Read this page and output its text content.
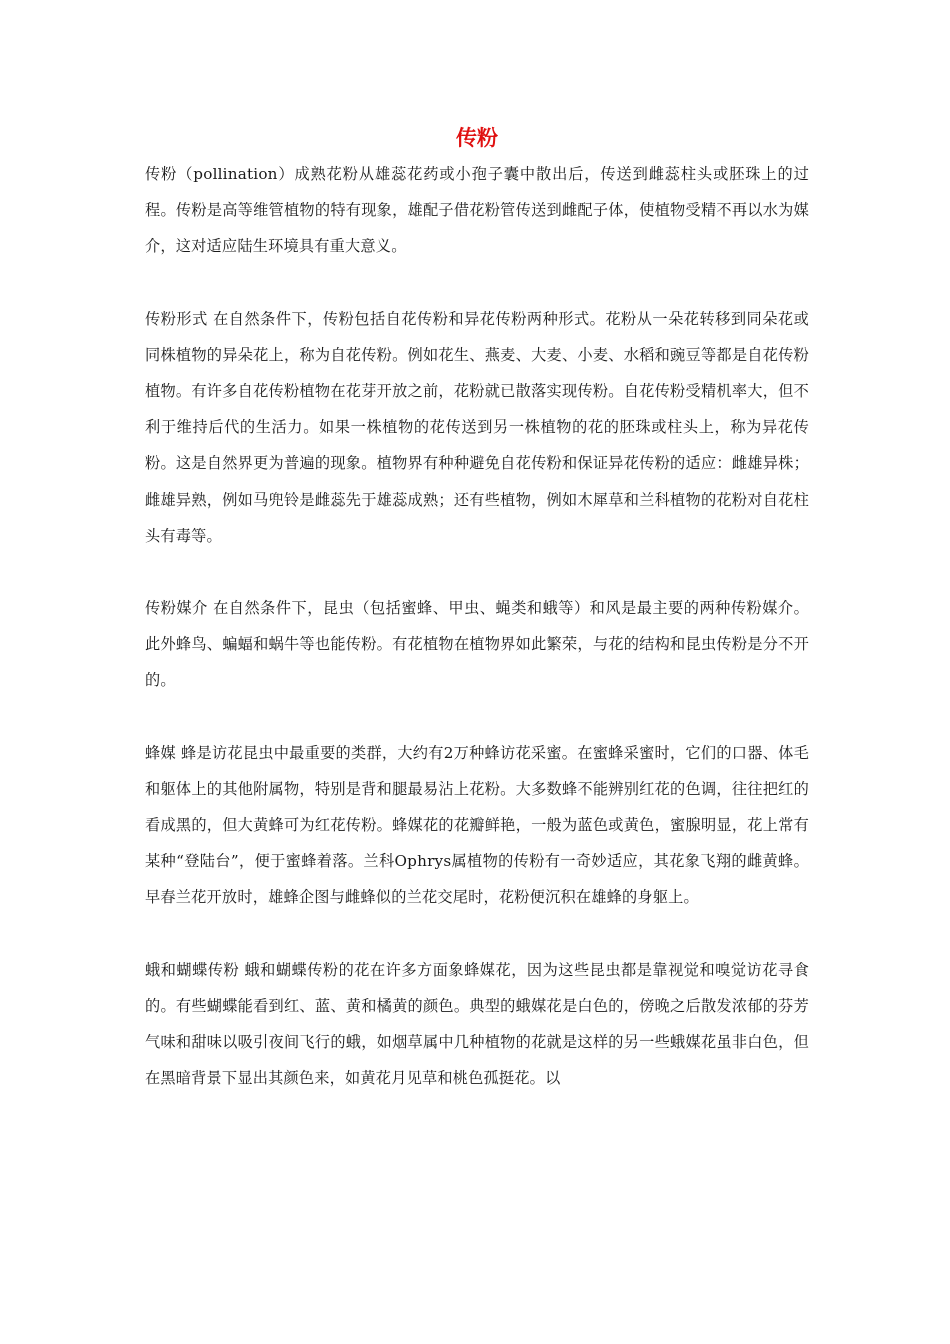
传粉

传粉（pollination）成熟花粉从雄蕊花药或小孢子囊中散出后，传送到雌蕊柱头或胚珠上的过程。传粉是高等维管植物的特有现象，雄配子借花粉管传送到雌配子体，使植物受精不再以水为媒介，这对适应陆生环境具有重大意义。

传粉形式 在自然条件下，传粉包括自花传粉和异花传粉两种形式。花粉从一朵花转移到同朵花或同株植物的异朵花上，称为自花传粉。例如花生、燕麦、大麦、小麦、水稻和豌豆等都是自花传粉植物。有许多自花传粉植物在花芽开放之前，花粉就已散落实现传粉。自花传粉受精机率大，但不利于维持后代的生活力。如果一株植物的花传送到另一株植物的花的胚珠或柱头上，称为异花传粉。这是自然界更为普遍的现象。植物界有种种避免自花传粉和保证异花传粉的适应：雌雄异株；雌雄异熟，例如马兜铃是雌蕊先于雄蕊成熟；还有些植物，例如木犀草和兰科植物的花粉对自花柱头有毒等。

传粉媒介 在自然条件下，昆虫（包括蜜蜂、甲虫、蝇类和蛾等）和风是最主要的两种传粉媒介。此外蜂鸟、蝙蝠和蜗牛等也能传粉。有花植物在植物界如此繁荣，与花的结构和昆虫传粉是分不开的。

蜂媒 蜂是访花昆虫中最重要的类群，大约有2万种蜂访花采蜜。在蜜蜂采蜜时，它们的口器、体毛和躯体上的其他附属物，特别是背和腿最易沾上花粉。大多数蜂不能辨别红花的色调，往往把红的看成黑的，但大黄蜂可为红花传粉。蜂媒花的花瓣鲜艳，一般为蓝色或黄色，蜜腺明显，花上常有某种“登陆台”，便于蜜蜂着落。兰科Ophrys属植物的传粉有一奇妙适应，其花象飞翔的雌黄蜂。早春兰花开放时，雄蜂企图与雌蜂似的兰花交尾时，花粉便沉积在雄蜂的身躯上。

蛾和蝴蝶传粉 蛾和蝴蝶传粉的花在许多方面象蜂媒花，因为这些昆虫都是靠视觉和嗅觉访花寻食的。有些蝴蝶能看到红、蓝、黄和橘黄的颜色。典型的蛾媒花是白色的，傍晚之后散发浓郁的芬芳气味和甜味以吸引夜间飞行的蛾，如烟草属中几种植物的花就是这样的另一些蛾媒花虽非白色，但在黑暗背景下显出其颜色来，如黄花月见草和桃色孤挺花。以
